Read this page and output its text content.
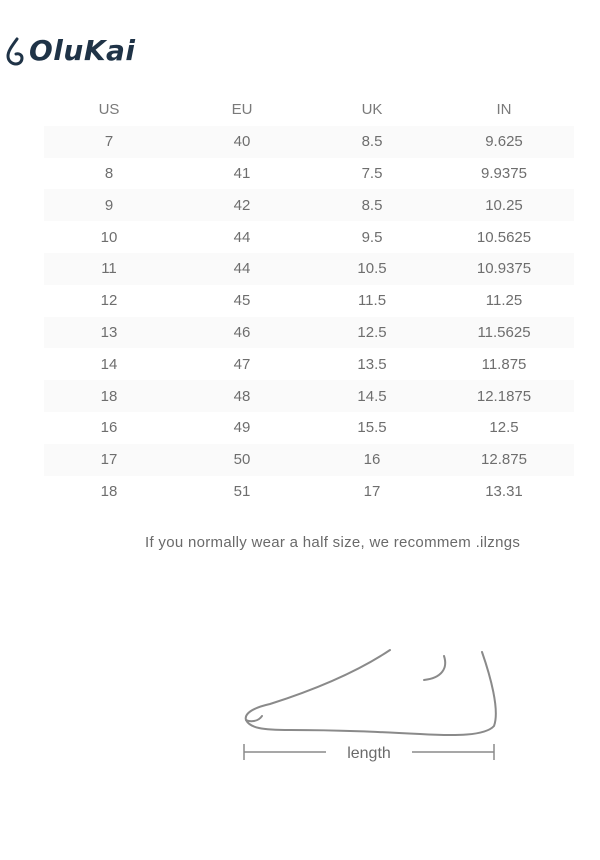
OluKai
US	EU	UK	IN
7	40	8.5	9.625
8	41	7.5	9.9375
9	42	8.5	10.25
10	44	9.5	10.5625
11	44	10.5	10.9375
12	45	11.5	11.25
13	46	12.5	11.5625
14	47	13.5	11.875
18	48	14.5	12.1875
16	49	15.5	12.5
17	50	16	12.875
18	51	17	13.31
If you normally wear a half size, we recommem .ilzngs
length
